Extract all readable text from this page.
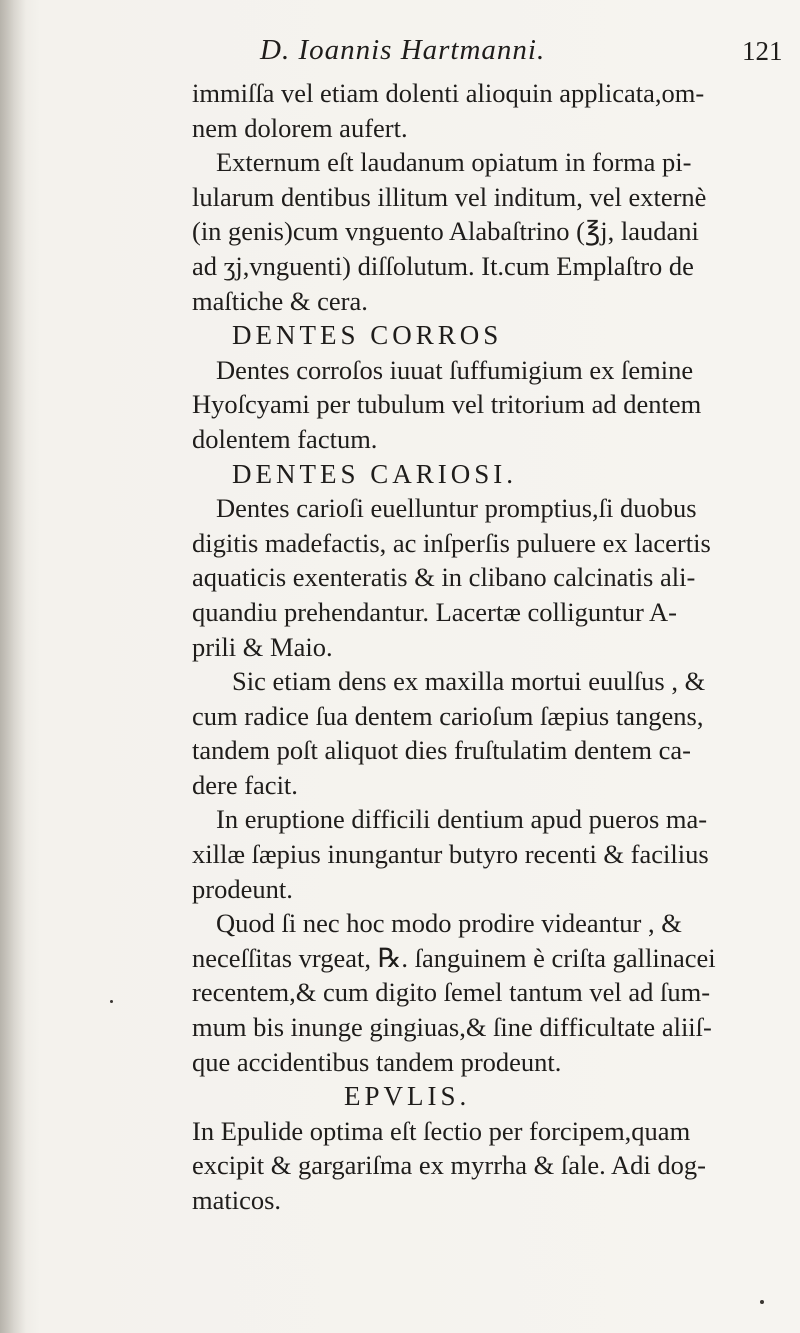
D. Ioannis Hartmanni.	121
immiſſa vel etiam dolenti alioquin applicata,om-
nem dolorem aufert.
Externum eſt laudanum opiatum in forma pi-
lularum dentibus illitum vel inditum, vel externè
(in genis)cum vnguento Alabaſtrino (℥j, laudani
ad ʒj,vnguenti) diſſolutum. It.cum Emplaſtro de
maſtiche & cera.
DENTES CORROS
Dentes corroſos iuuat ſuffumigium ex ſemine
Hyoſcyami per tubulum vel tritorium ad dentem
dolentem factum.
DENTES CARIOSI.
Dentes carioſi euelluntur promptius,ſi duobus
digitis madefactis, ac inſperſis puluere ex lacertis
aquaticis exenteratis & in clibano calcinatis ali-
quandiu prehendantur. Lacertæ colliguntur A-
prili & Maio.
Sic etiam dens ex maxilla mortui euulſus , &
cum radice ſua dentem carioſum ſæpius tangens,
tandem poſt aliquot dies fruſtulatim dentem ca-
dere facit.
In eruptione difficili dentium apud pueros ma-
xillæ ſæpius inungantur butyro recenti & facilius
prodeunt.
Quod ſi nec hoc modo prodire videantur , &
neceſſitas vrgeat, ℞. ſanguinem è criſta gallinacei
recentem,& cum digito ſemel tantum vel ad ſum-
mum bis inunge gingiuas,& ſine difficultate aliiſ-
que accidentibus tandem prodeunt.
EPVLIS.
In Epulide optima eſt ſectio per forcipem,quam
excipit & gargariſma ex myrrha & ſale. Adi dog-
maticos.
